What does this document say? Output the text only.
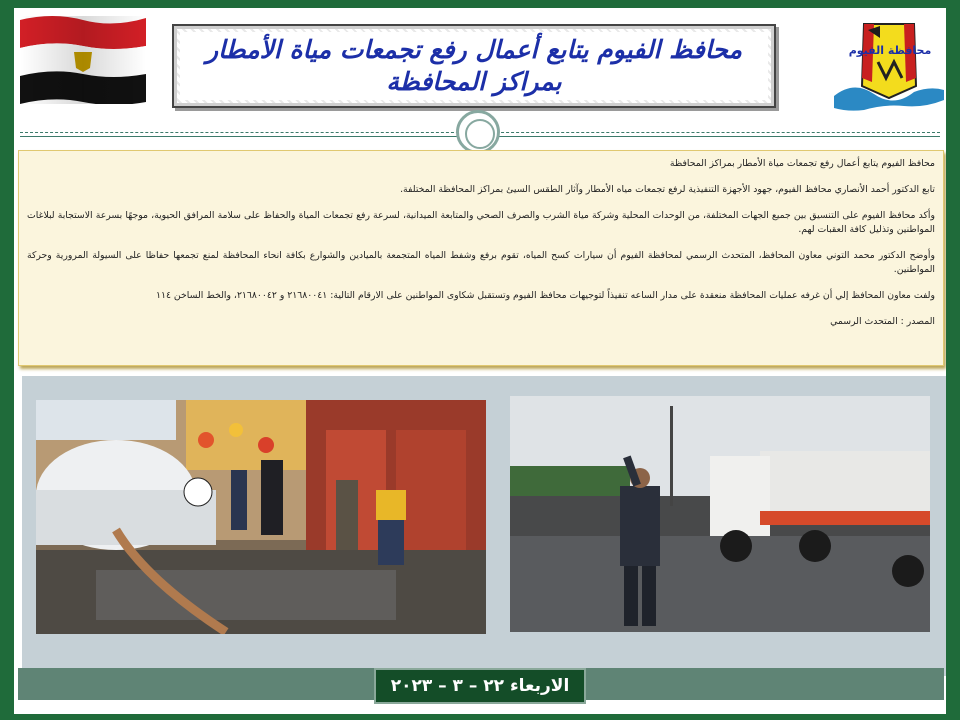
محافظ الفيوم يتابع أعمال رفع تجمعات مياة الأمطار
بمراكز المحافظة
محافظة الفيوم

محافظ الفيوم يتابع أعمال رفع تجمعات مياة الأمطار بمراكز المحافظة

تابع الدكتور أحمد الأنصاري محافظ الفيوم، جهود الأجهزة التنفيذية لرفع تجمعات مياه الأمطار وآثار الطقس السيئ بمراكز المحافظة المختلفة.

وأكد محافظ الفيوم على التنسيق بين جميع الجهات المختلفة، من الوحدات المحلية وشركة مياة الشرب والصرف الصحي والمتابعة الميدانية، لسرعة رفع تجمعات المياة والحفاظ على سلامة المرافق الحيوية، موجهًا بسرعة الاستجابة لبلاغات المواطنين وتذليل كافة العقبات لهم.

وأوضح الدكتور محمد التوني معاون المحافظ، المتحدث الرسمي لمحافظة الفيوم أن سيارات كسح المياه، تقوم برفع وشفط المياه المتجمعة بالميادين والشوارع بكافة انحاء المحافظة لمنع تجمعها حفاظا على السيولة المرورية وحركة المواطنين.

ولفت معاون المحافظ إلي أن غرفه عمليات المحافظة منعقدة على مدار الساعه تنفيذاً لتوجيهات محافظ الفيوم وتستقبل شكاوى المواطنين على الارقام التالية: ٢١٦٨٠٠٤١ و ٢١٦٨٠٠٤٢، والخط الساخن ١١٤

المصدر : المتحدث الرسمي

الاربعاء ٢٢ – ٣ – ٢٠٢٣
